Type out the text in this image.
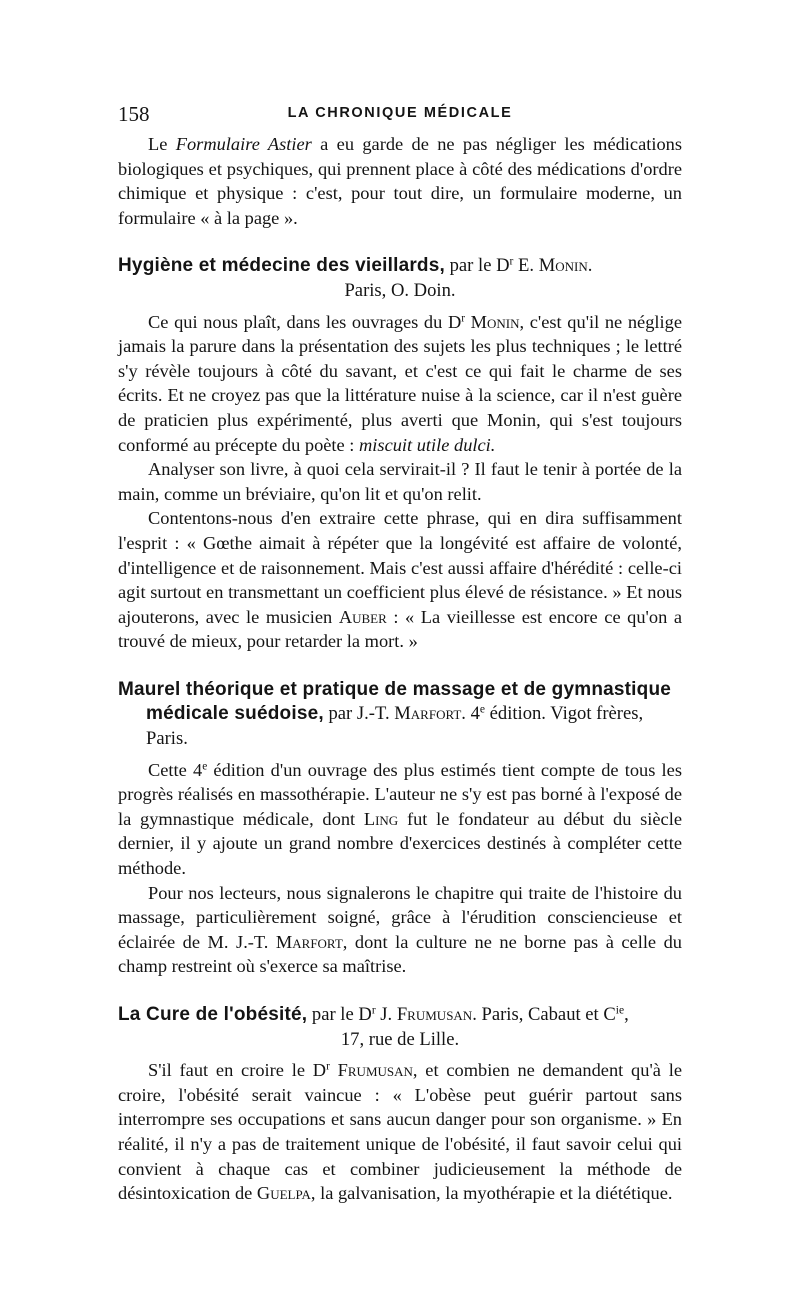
158	LA CHRONIQUE MÉDICALE

Le Formulaire Astier a eu garde de ne pas négliger les médications biologiques et psychiques, qui prennent place à côté des médications d'ordre chimique et physique : c'est, pour tout dire, un formulaire moderne, un formulaire « à la page ».

Hygiène et médecine des vieillards, par le $D^r$ E. Monin.
Paris, O. Doin.

Ce qui nous plaît, dans les ouvrages du $D^r$ Monin, c'est qu'il ne néglige jamais la parure dans la présentation des sujets les plus techniques ; le lettré s'y révèle toujours à côté du savant, et c'est ce qui fait le charme de ses écrits. Et ne croyez pas que la littérature nuise à la science, car il n'est guère de praticien plus expérimenté, plus averti que Monin, qui s'est toujours conformé au précepte du poète : miscuit utile dulci.

Analyser son livre, à quoi cela servirait-il ? Il faut le tenir à portée de la main, comme un bréviaire, qu'on lit et qu'on relit.

Contentons-nous d'en extraire cette phrase, qui en dira suffisamment l'esprit : « Gœthe aimait à répéter que la longévité est affaire de volonté, d'intelligence et de raisonnement. Mais c'est aussi affaire d'hérédité : celle-ci agit surtout en transmettant un coefficient plus élevé de résistance. » Et nous ajouterons, avec le musicien Auber : « La vieillesse est encore ce qu'on a trouvé de mieux, pour retarder la mort. »

Maurel théorique et pratique de massage et de gymnastique médicale suédoise, par J.-T. Marfort. 4e édition. Vigot frères, Paris.

Cette 4e édition d'un ouvrage des plus estimés tient compte de tous les progrès réalisés en massothérapie. L'auteur ne s'y est pas borné à l'exposé de la gymnastique médicale, dont Ling fut le fondateur au début du siècle dernier, il y ajoute un grand nombre d'exercices destinés à compléter cette méthode.

Pour nos lecteurs, nous signalerons le chapitre qui traite de l'histoire du massage, particulièrement soigné, grâce à l'érudition consciencieuse et éclairée de M. J.-T. Marfort, dont la culture ne ne borne pas à celle du champ restreint où s'exerce sa maîtrise.

La Cure de l'obésité, par le $D^r$ J. Frumusan. Paris, Cabaut et $C^{ie}$,
17, rue de Lille.

S'il faut en croire le $D^r$ Frumusan, et combien ne demandent qu'à le croire, l'obésité serait vaincue : « L'obèse peut guérir partout sans interrompre ses occupations et sans aucun danger pour son organisme. » En réalité, il n'y a pas de traitement unique de l'obésité, il faut savoir celui qui convient à chaque cas et combiner judicieusement la méthode de désintoxication de Guelpa, la galvanisation, la myothérapie et la diététique.
